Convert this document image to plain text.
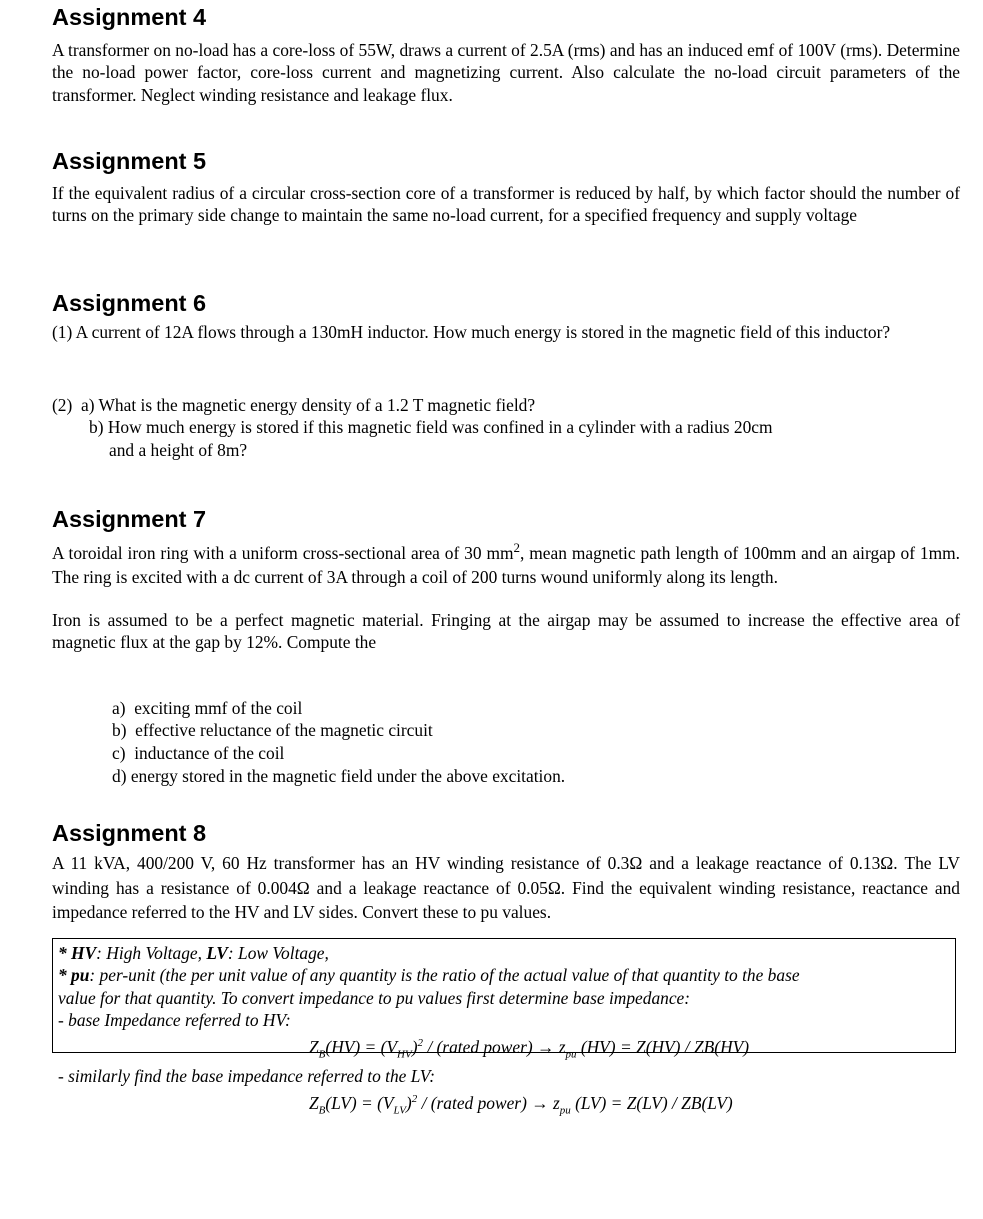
Assignment 4

A transformer on no-load has a core-loss of 55W, draws a current of 2.5A (rms) and has an induced emf of 100V (rms). Determine the no-load power factor, core-loss current and magnetizing current. Also calculate the no-load circuit parameters of the transformer. Neglect winding resistance and leakage flux.

Assignment 5

If the equivalent radius of a circular cross-section core of a transformer is reduced by half, by which factor should the number of turns on the primary side change to maintain the same no-load current, for a specified frequency and supply voltage

Assignment 6

(1) A current of 12A flows through a 130mH inductor. How much energy is stored in the magnetic field of this inductor?

(2)  a) What is the magnetic energy density of a 1.2 T magnetic field?

b) How much energy is stored if this magnetic field was confined in a cylinder with a radius 20cm

and a height of 8m?

Assignment 7

A toroidal iron ring with a uniform cross-sectional area of 30 $mm^2$, mean magnetic path length of 100mm and an airgap of 1mm. The ring is excited with a dc current of 3A through a coil of 200 turns wound uniformly along its length.

Iron is assumed to be a perfect magnetic material. Fringing at the airgap may be assumed to increase the effective area of magnetic flux at the gap by 12%. Compute the

a)  exciting mmf of the coil

b)  effective reluctance of the magnetic circuit

c)  inductance of the coil

d) energy stored in the magnetic field under the above excitation.

Assignment 8

A 11 kVA, 400/200 V, 60 Hz transformer has an HV winding resistance of 0.3Ω and a leakage reactance of 0.13Ω. The LV winding has a resistance of 0.004Ω and a leakage reactance of 0.05Ω. Find the equivalent winding resistance, reactance and impedance referred to the HV and LV sides. Convert these to pu values.

* HV: High Voltage, LV: Low Voltage,

* pu: per-unit (the per unit value of any quantity is the ratio of the actual value of that quantity to the base

value for that quantity. To convert impedance to pu values first determine base impedance:

- base Impedance referred to HV:

$Z_B(HV) = (V_{HV})^2$ / (rated power) → $z_{pu}$ (HV) = Z(HV) / ZB(HV)

- similarly find the base impedance referred to the LV:

$Z_B(LV) = (V_{LV})^2$ / (rated power) → $z_{pu}$ (LV) = Z(LV) / ZB(LV)
